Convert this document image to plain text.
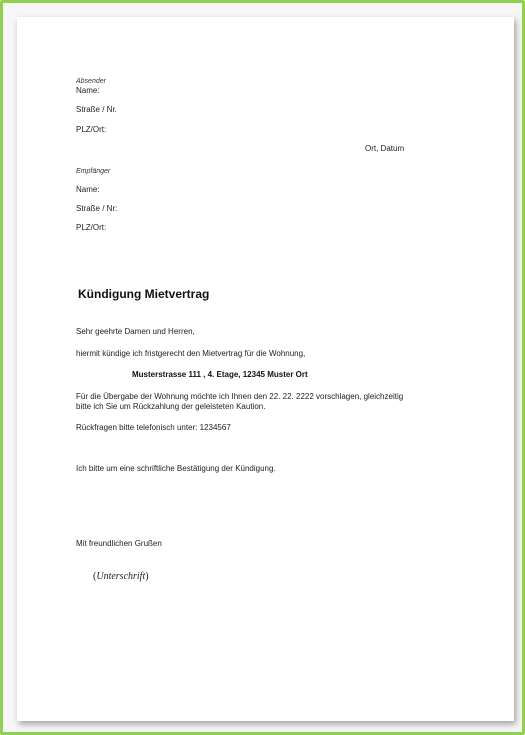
Absender
Name:
Straße / Nr.
PLZ/Ort:
Ort, Datum
Empfänger
Name:
Straße / Nr:
PLZ/Ort:
Kündigung Mietvertrag
Sehr geehrte Damen und Herren,
hiermit kündige ich fristgerecht den Mietvertrag für die Wohnung,
Musterstrasse 111 , 4. Etage, 12345 Muster Ort
Für die Übergabe der Wohnung möchte ich Ihnen den 22. 22. 2222 vorschlagen, gleichzeitig
bitte ich Sie um Rückzahlung der geleisteten Kaution.
Rückfragen bitte telefonisch unter: 1234567
Ich bitte um eine schriftliche Bestätigung der Kündigung.
Mit freundlichen Grußen
(Unterschrift)
